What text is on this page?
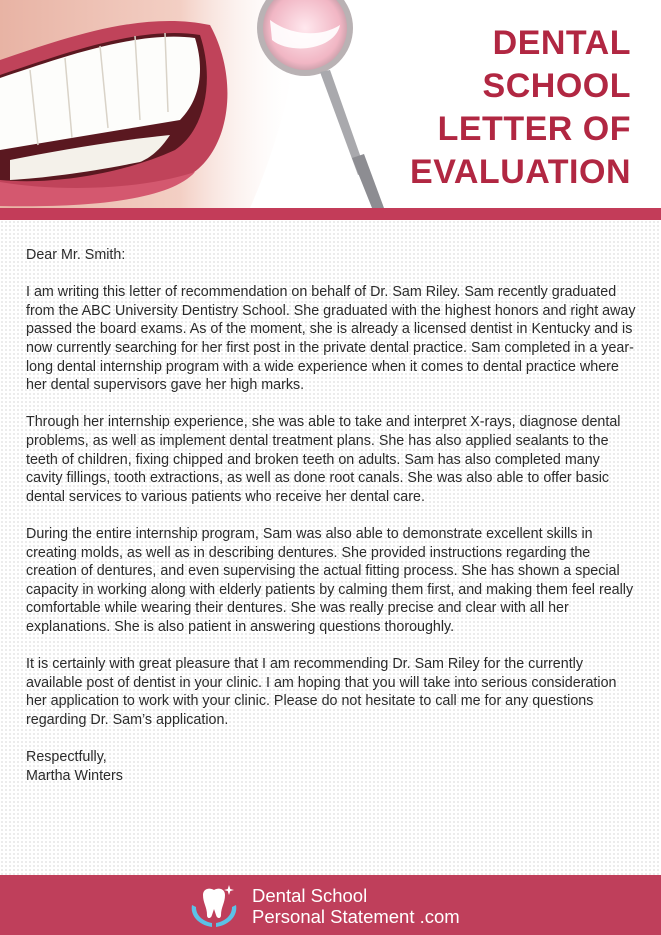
DENTAL
SCHOOL
LETTER OF
EVALUATION

Dear Mr. Smith:

I am writing this letter of recommendation on behalf of Dr. Sam Riley. Sam recently graduated from the ABC University Dentistry School. She graduated with the highest honors and right away passed the board exams. As of the moment, she is already a licensed dentist in Kentucky and is now currently searching for her first post in the private dental practice. Sam completed in a year-long dental internship program with a wide experience when it comes to dental practice where her dental supervisors gave her high marks.

Through her internship experience, she was able to take and interpret X-rays, diagnose dental problems, as well as implement dental treatment plans. She has also applied sealants to the teeth of children, fixing chipped and broken teeth on adults. Sam has also completed many cavity fillings, tooth extractions, as well as done root canals. She was also able to offer basic dental services to various patients who receive her dental care.

During the entire internship program, Sam was also able to demonstrate excellent skills in creating molds, as well as in describing dentures. She provided instructions regarding the creation of dentures, and even supervising the actual fitting process. She has shown a special capacity in working along with elderly patients by calming them first, and making them feel really comfortable while wearing their dentures. She was really precise and clear with all her explanations. She is also patient in answering questions thoroughly.

It is certainly with great pleasure that I am recommending Dr. Sam Riley for the currently available post of dentist in your clinic. I am hoping that you will take into serious consideration her application to work with your clinic. Please do not hesitate to call me for any questions regarding Dr. Sam’s application.

Respectfully,

Martha Winters

Dental School
Personal Statement .com
